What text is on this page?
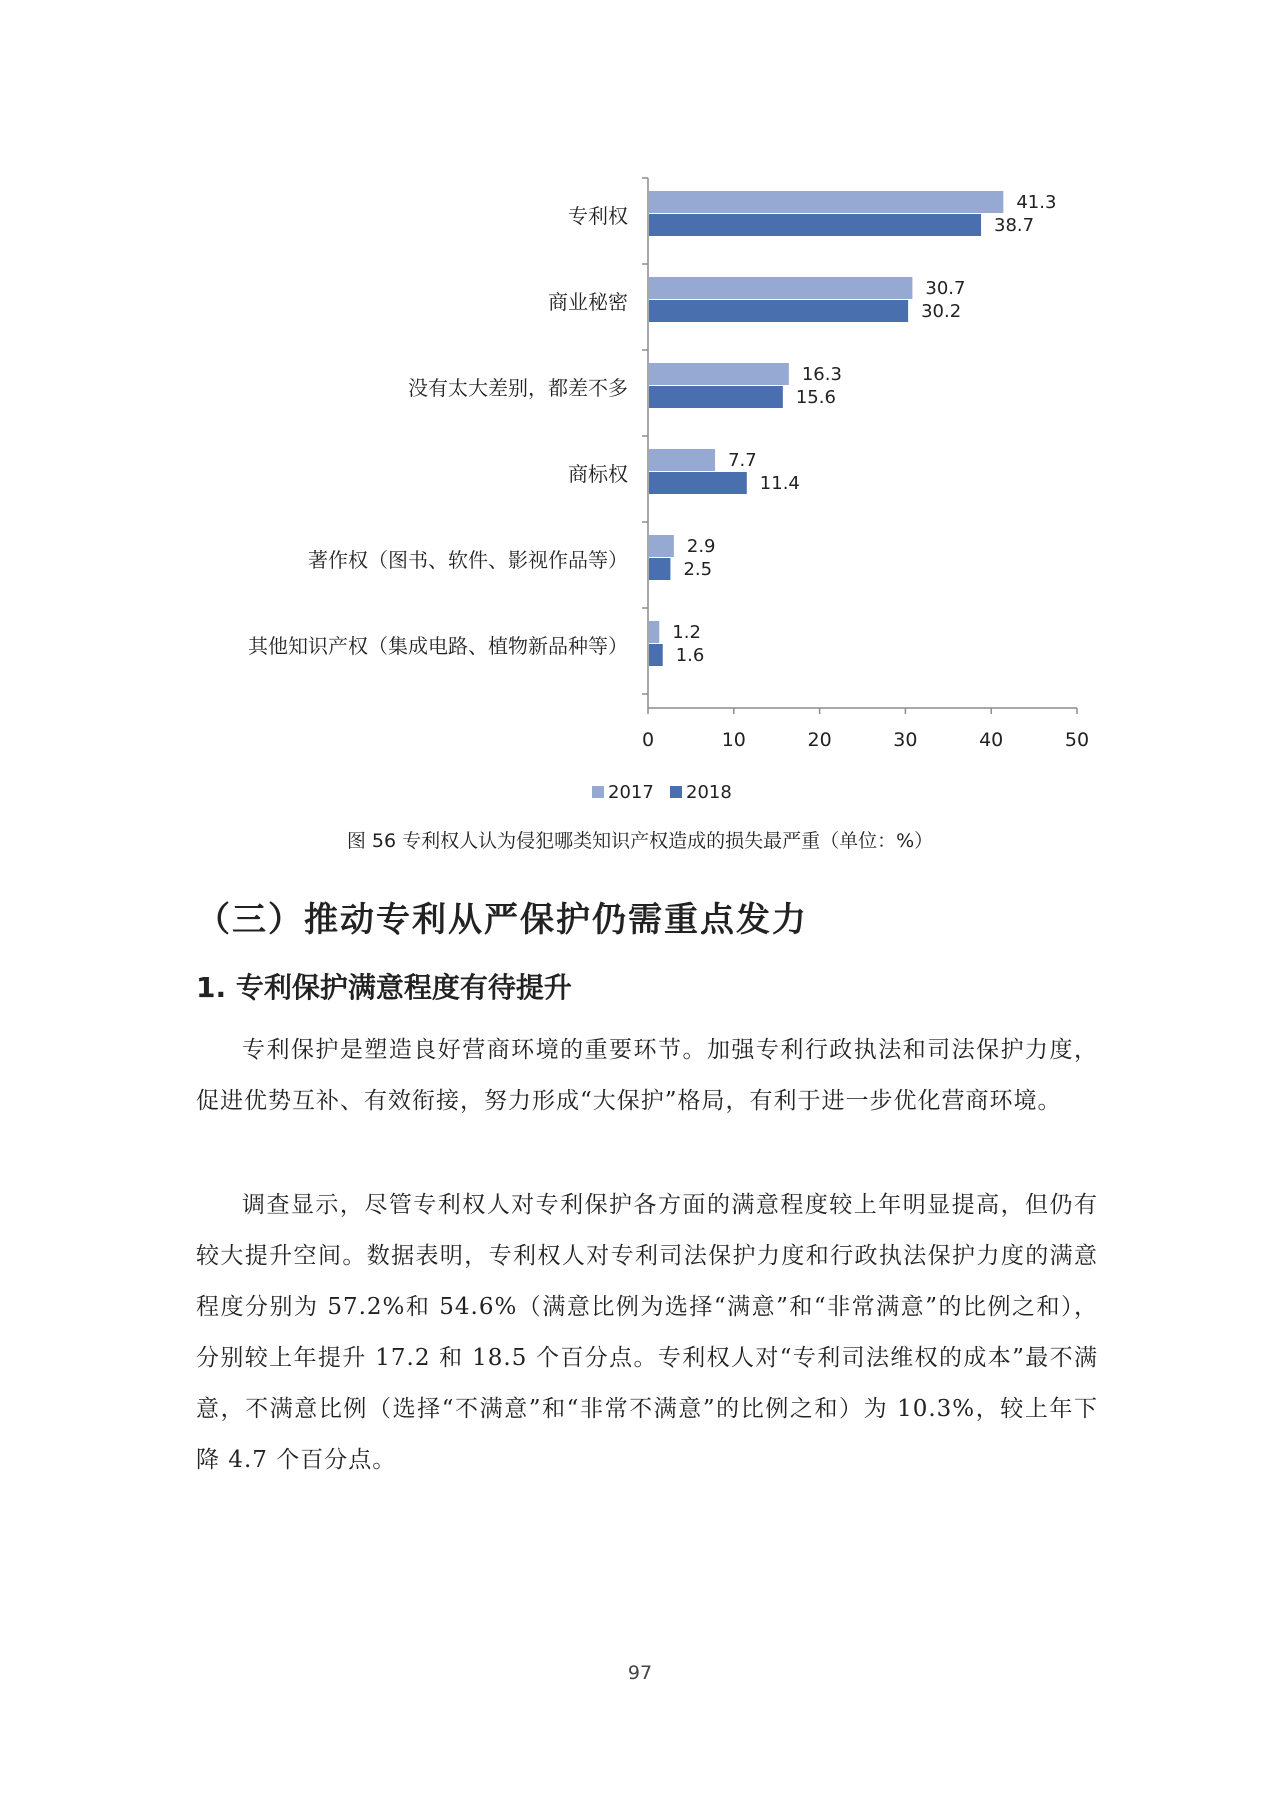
0	10	20	30	40	50
专利权
41.3
38.7
商业秘密
30.7
30.2
没有太大差别，都差不多
16.3
15.6
商标权
7.7
11.4
著作权（图书、软件、影视作品等）
2.9
2.5
其他知识产权（集成电路、植物新品种等）
1.2
1.6
2017 2018
图 56 专利权人认为侵犯哪类知识产权造成的损失最严重（单位：%）
（三）推动专利从严保护仍需重点发力
1. 专利保护满意程度有待提升

专利保护是塑造良好营商环境的重要环节。加强专利行政执法和司法保护力度，促进优势互补、有效衔接，努力形成“大保护”格局，有利于进一步优化营商环境。

调查显示，尽管专利权人对专利保护各方面的满意程度较上年明显提高，但仍有较大提升空间。数据表明，专利权人对专利司法保护力度和行政执法保护力度的满意程度分别为 57.2%和 54.6%（满意比例为选择“满意”和“非常满意”的比例之和），分别较上年提升 17.2 和 18.5 个百分点。专利权人对“专利司法维权的成本”最不满意，不满意比例（选择“不满意”和“非常不满意”的比例之和）为 10.3%，较上年下降 4.7 个百分点。

97
